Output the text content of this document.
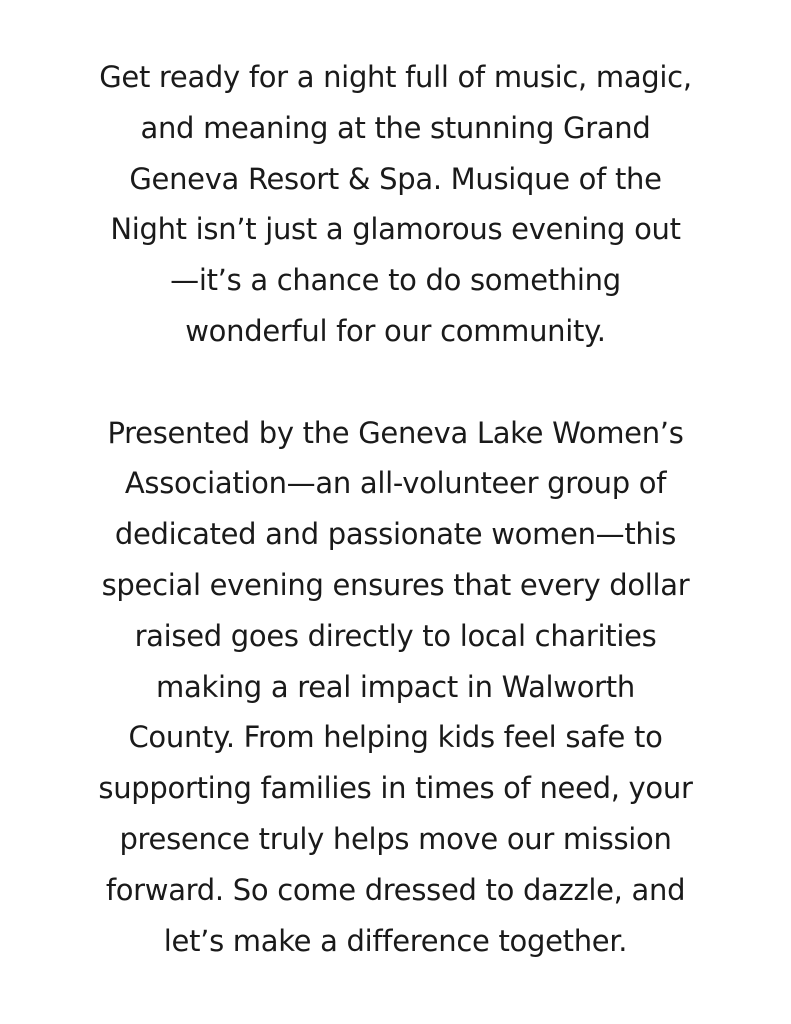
Get ready for a night full of music, magic,
and meaning at the stunning Grand
Geneva Resort & Spa. Musique of the
Night isn’t just a glamorous evening out
—it’s a chance to do something
wonderful for our community.
Presented by the Geneva Lake Women’s
Association—an all-volunteer group of
dedicated and passionate women—this
special evening ensures that every dollar
raised goes directly to local charities
making a real impact in Walworth
County. From helping kids feel safe to
supporting families in times of need, your
presence truly helps move our mission
forward. So come dressed to dazzle, and
let’s make a difference together.
